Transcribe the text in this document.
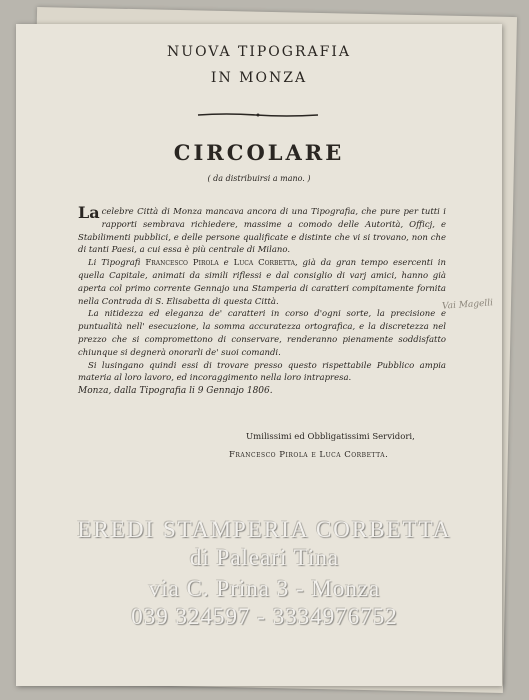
NUOVA TIPOGRAFIA
IN MONZA
CIRCOLARE
( da distribuirsi a mano. )

La celebre Città di Monza mancava ancora di una Tipografia, che pure per tutti i rapporti sembrava richiedere, massime a comodo delle Autorità, Officj, e Stabilimenti pubblici, e delle persone qualificate e distinte che vi si trovano, non che di tanti Paesi, a cui essa è più centrale di Milano.

Li Tipografi Francesco Pirola e Luca Corbetta, già da gran tempo esercenti in quella Capitale, animati da simili riflessi e dal consiglio di varj amici, hanno già aperta col primo corrente Gennajo una Stamperia di caratteri compitamente fornita nella Contrada di S. Elisabetta di questa Città.

La nitidezza ed eleganza de' caratteri in corso d'ogni sorte, la precisione e puntualità nell' esecuzione, la somma accuratezza ortografica, e la discretezza nel prezzo che si compromettono di conservare, renderanno pienamente soddisfatto chiunque si degnerà onorarli de' suoi comandi.

Si lusingano quindi essi di trovare presso questo rispettabile Pubblico ampia materia al loro lavoro, ed incoraggimento nella loro intrapresa.

Monza, dalla Tipografia li 9 Gennajo 1806.

Umilissimi ed Obbligatissimi Servidori,
Francesco Pirola e Luca Corbetta.
Vai Magelli
EREDI STAMPERIA CORBETTA
di Paleari Tina
via C. Prina 3 - Monza
039 324597 - 3334976752
